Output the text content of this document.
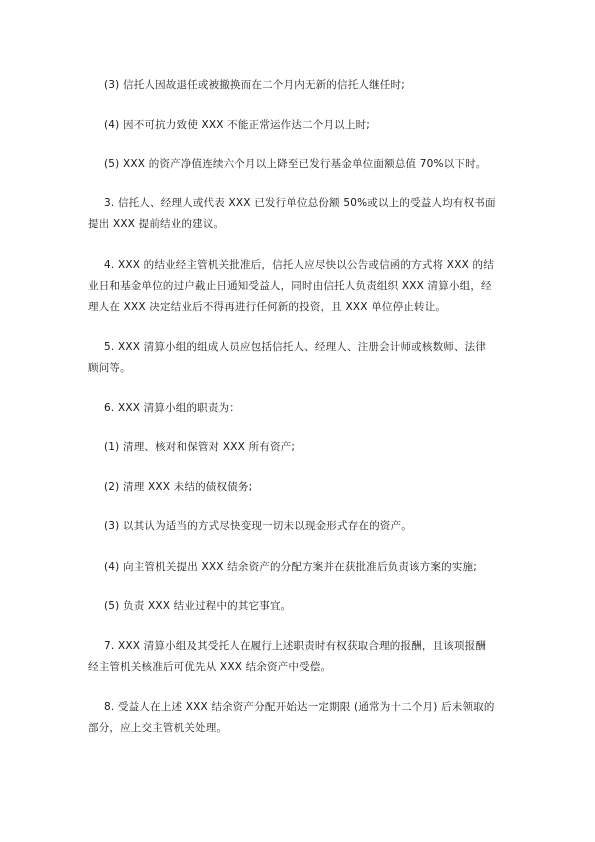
(3) 信托人因故退任或被撤换而在二个月内无新的信托人继任时;
(4) 因不可抗力致使 XXX 不能正常运作达二个月以上时;
(5) XXX 的资产净值连续六个月以上降至已发行基金单位面额总值 70%以下时。
3. 信托人、经理人或代表 XXX 已发行单位总份额 50%或以上的受益人均有权书面
提出 XXX 提前结业的建议。
4. XXX 的结业经主管机关批准后，信托人应尽快以公告或信函的方式将 XXX 的结
业日和基金单位的过户截止日通知受益人，同时由信托人负责组织 XXX 清算小组，经
理人在 XXX 决定结业后不得再进行任何新的投资，且 XXX 单位停止转让。
5. XXX 清算小组的组成人员应包括信托人、经理人、注册会计师或核数师、法律
顾问等。
6. XXX 清算小组的职责为：
(1) 清理、核对和保管对 XXX 所有资产;
(2) 清理 XXX 未结的债权债务;
(3) 以其认为适当的方式尽快变现一切未以现金形式存在的资产。
(4) 向主管机关提出 XXX 结余资产的分配方案并在获批准后负责该方案的实施;
(5) 负责 XXX 结业过程中的其它事宜。
7. XXX 清算小组及其受托人在履行上述职责时有权获取合理的报酬，且该项报酬
经主管机关核准后可优先从 XXX 结余资产中受偿。
8. 受益人在上述 XXX 结余资产分配开始达一定期限 (通常为十二个月) 后未领取的
部分，应上交主管机关处理。
